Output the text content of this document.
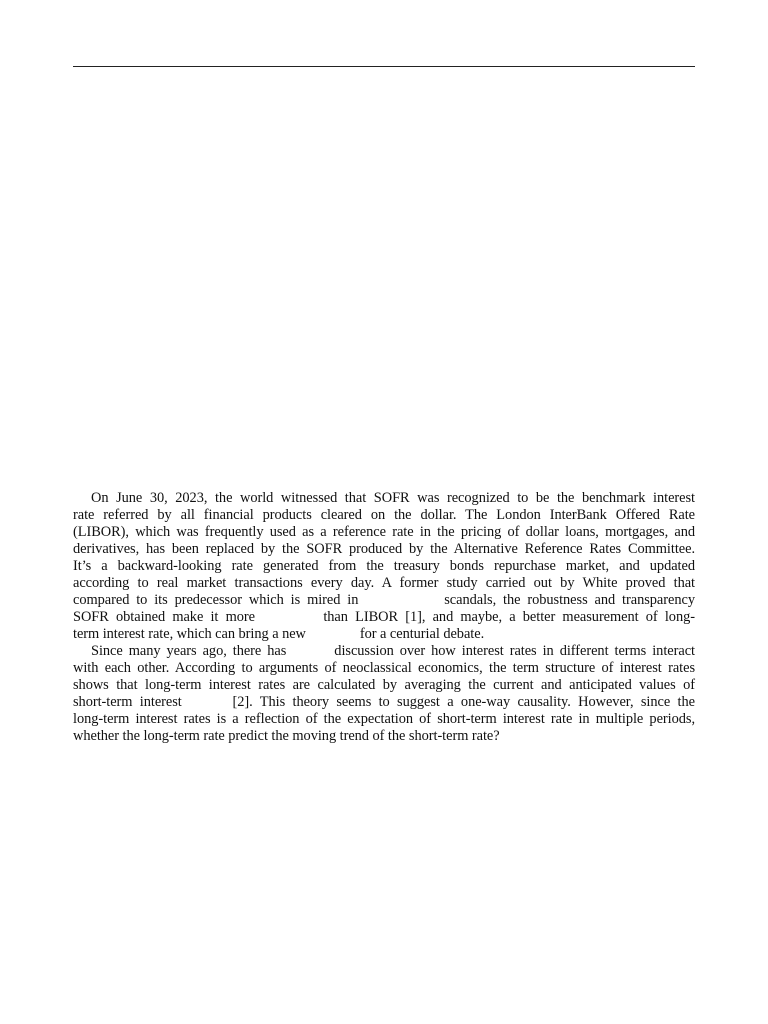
On June 30, 2023, the world witnessed that SOFR was recognized to be the benchmark interest
rate referred by all financial products cleared on the dollar. The London InterBank Offered Rate
(LIBOR), which was frequently used as a reference rate in the pricing of dollar loans, mortgages, and
derivatives, has been replaced by the SOFR produced by the Alternative Reference Rates Committee.
It’s a backward-looking rate generated from the treasury bonds repurchase market, and updated
according to real market transactions every day. A former study carried out by White proved that
compared to its predecessor which is mired in	scandals, the robustness and transparency
SOFR obtained make it more	than LIBOR [1], and maybe, a better measurement of long-
term interest rate, which can bring a new	for a centurial debate.
Since many years ago, there has	discussion over how interest rates in different terms interact
with each other. According to arguments of neoclassical economics, the term structure of interest rates
shows that long-term interest rates are calculated by averaging the current and anticipated values of
short-term interest	[2]. This theory seems to suggest a one-way causality. However, since the
long-term interest rates is a reflection of the expectation of short-term interest rate in multiple periods,
whether the long-term rate predict the moving trend of the short-term rate?
